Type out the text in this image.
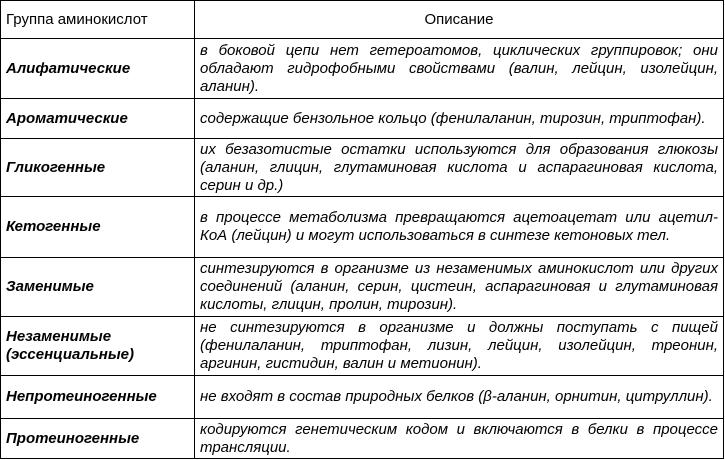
Группа аминокислот	Описание
Алифатические	в боковой цепи нет гетероатомов, циклических группировок; они обладают гидрофобными свойствами (валин, лейцин, изолейцин, аланин).
Ароматические	содержащие бензольное кольцо (фенилаланин, тирозин, триптофан).
Гликогенные	их безазотистые остатки используются для образования глюкозы (аланин, глицин, глутаминовая кислота и аспарагиновая кислота, серин и др.)
Кетогенные	в процессе метаболизма превращаются ацетоацетат или ацетил-КоА (лейцин) и могут использоваться в синтезе кетоновых тел.
Заменимые	синтезируются в организме из незаменимых аминокислот или других соединений (аланин, серин, цистеин, аспарагиновая и глутаминовая кислоты, глицин, пролин, тирозин).
Незаменимые (эссенциальные)	не синтезируются в организме и должны поступать с пищей (фенилаланин, триптофан, лизин, лейцин, изолейцин, треонин, аргинин, гистидин, валин и метионин).
Непротеиногенные	не входят в состав природных белков (β-аланин, орнитин, цитруллин).
Протеиногенные	кодируются генетическим кодом и включаются в белки в процессе трансляции.
